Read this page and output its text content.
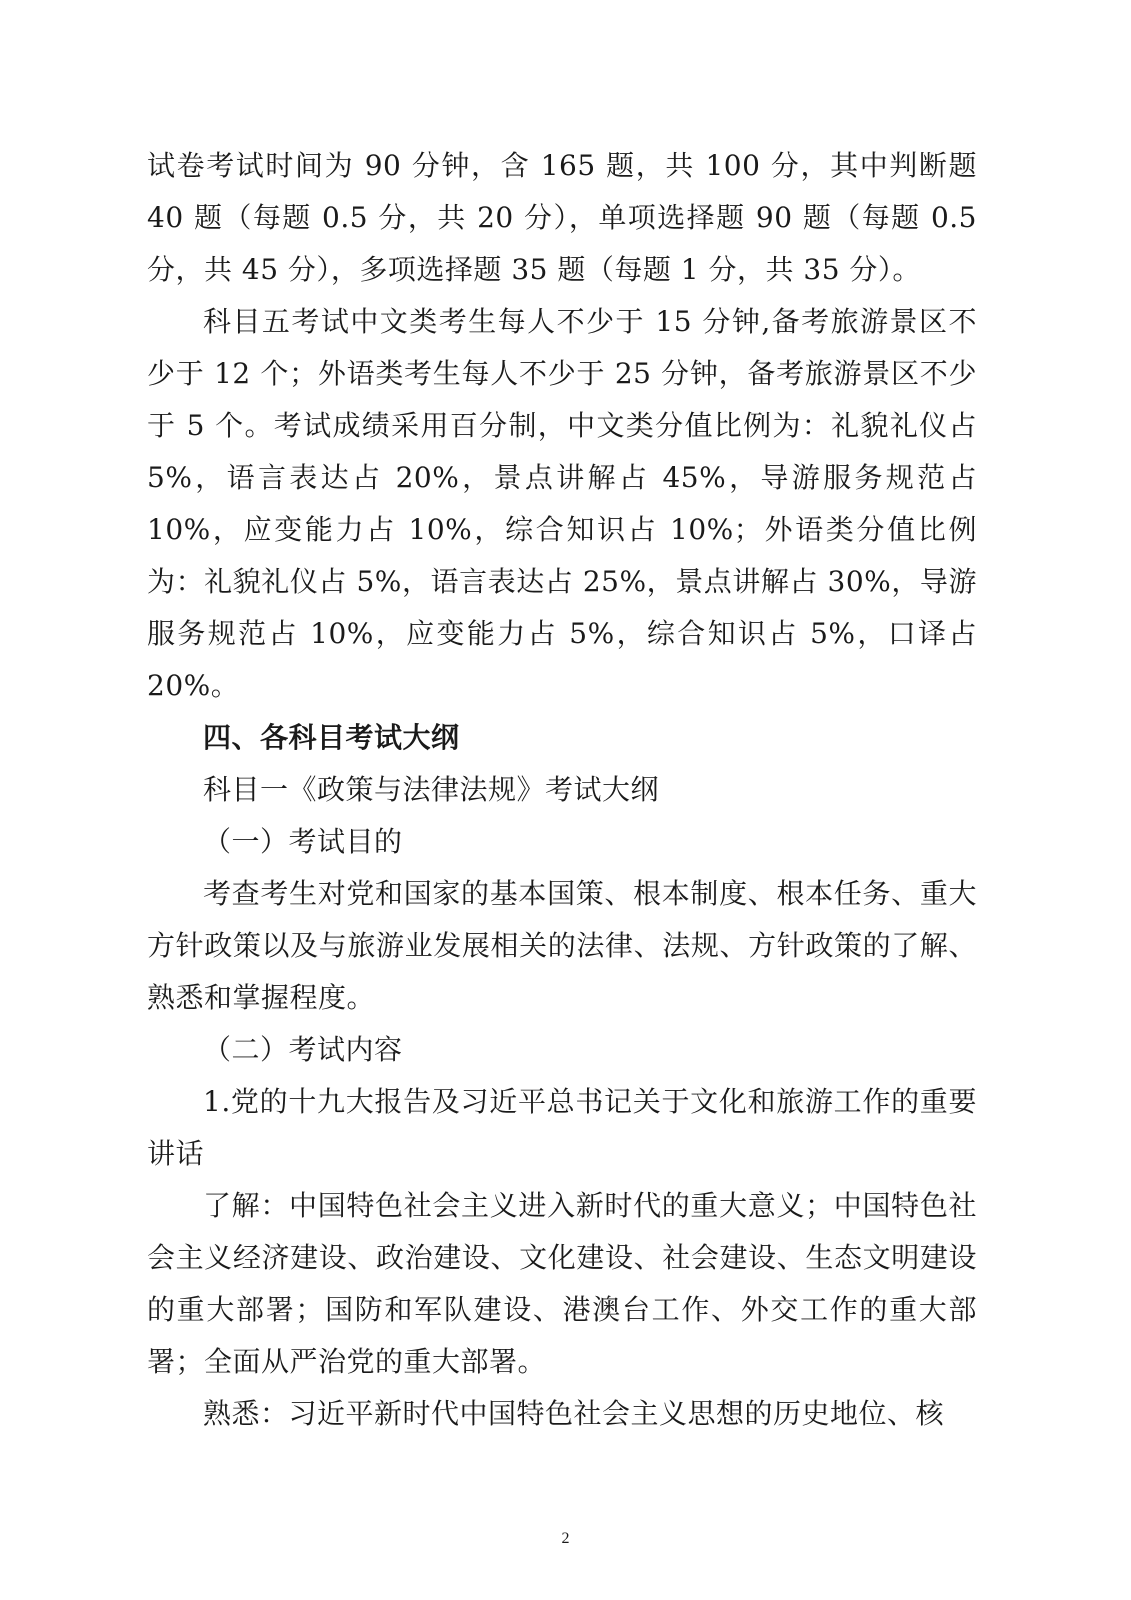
试卷考试时间为 90 分钟，含 165 题，共 100 分，其中判断题 40 题（每题 0.5 分，共 20 分），单项选择题 90 题（每题 0.5 分，共 45 分），多项选择题 35 题（每题 1 分，共 35 分）。

科目五考试中文类考生每人不少于 15 分钟,备考旅游景区不少于 12 个；外语类考生每人不少于 25 分钟，备考旅游景区不少于 5 个。考试成绩采用百分制，中文类分值比例为：礼貌礼仪占 5%，语言表达占 20%，景点讲解占 45%，导游服务规范占 10%，应变能力占 10%，综合知识占 10%；外语类分值比例为：礼貌礼仪占 5%，语言表达占 25%，景点讲解占 30%，导游服务规范占 10%，应变能力占 5%，综合知识占 5%，口译占 20%。

四、各科目考试大纲

科目一《政策与法律法规》考试大纲

（一）考试目的

考查考生对党和国家的基本国策、根本制度、根本任务、重大方针政策以及与旅游业发展相关的法律、法规、方针政策的了解、熟悉和掌握程度。

（二）考试内容

1.党的十九大报告及习近平总书记关于文化和旅游工作的重要讲话

了解：中国特色社会主义进入新时代的重大意义；中国特色社会主义经济建设、政治建设、文化建设、社会建设、生态文明建设的重大部署；国防和军队建设、港澳台工作、外交工作的重大部署；全面从严治党的重大部署。

熟悉：习近平新时代中国特色社会主义思想的历史地位、核

2
